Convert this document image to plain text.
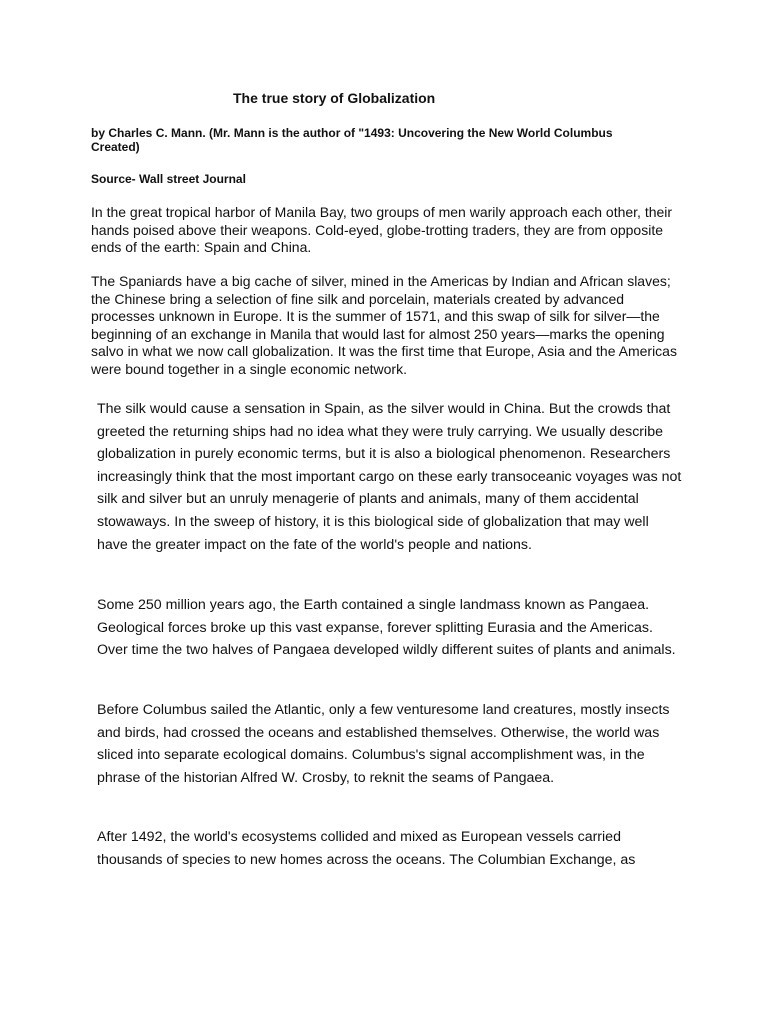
The true story of Globalization

by Charles C. Mann. (Mr. Mann is the author of "1493: Uncovering the New World Columbus Created)

Source- Wall street Journal

In the great tropical harbor of Manila Bay, two groups of men warily approach each other, their hands poised above their weapons. Cold-eyed, globe-trotting traders, they are from opposite ends of the earth: Spain and China.

The Spaniards have a big cache of silver, mined in the Americas by Indian and African slaves; the Chinese bring a selection of fine silk and porcelain, materials created by advanced processes unknown in Europe. It is the summer of 1571, and this swap of silk for silver—the beginning of an exchange in Manila that would last for almost 250 years—marks the opening salvo in what we now call globalization. It was the first time that Europe, Asia and the Americas were bound together in a single economic network.

The silk would cause a sensation in Spain, as the silver would in China. But the crowds that greeted the returning ships had no idea what they were truly carrying. We usually describe globalization in purely economic terms, but it is also a biological phenomenon. Researchers increasingly think that the most important cargo on these early transoceanic voyages was not silk and silver but an unruly menagerie of plants and animals, many of them accidental stowaways. In the sweep of history, it is this biological side of globalization that may well have the greater impact on the fate of the world's people and nations.

Some 250 million years ago, the Earth contained a single landmass known as Pangaea. Geological forces broke up this vast expanse, forever splitting Eurasia and the Americas. Over time the two halves of Pangaea developed wildly different suites of plants and animals.

Before Columbus sailed the Atlantic, only a few venturesome land creatures, mostly insects and birds, had crossed the oceans and established themselves. Otherwise, the world was sliced into separate ecological domains. Columbus's signal accomplishment was, in the phrase of the historian Alfred W. Crosby, to reknit the seams of Pangaea.

After 1492, the world's ecosystems collided and mixed as European vessels carried thousands of species to new homes across the oceans. The Columbian Exchange, as
